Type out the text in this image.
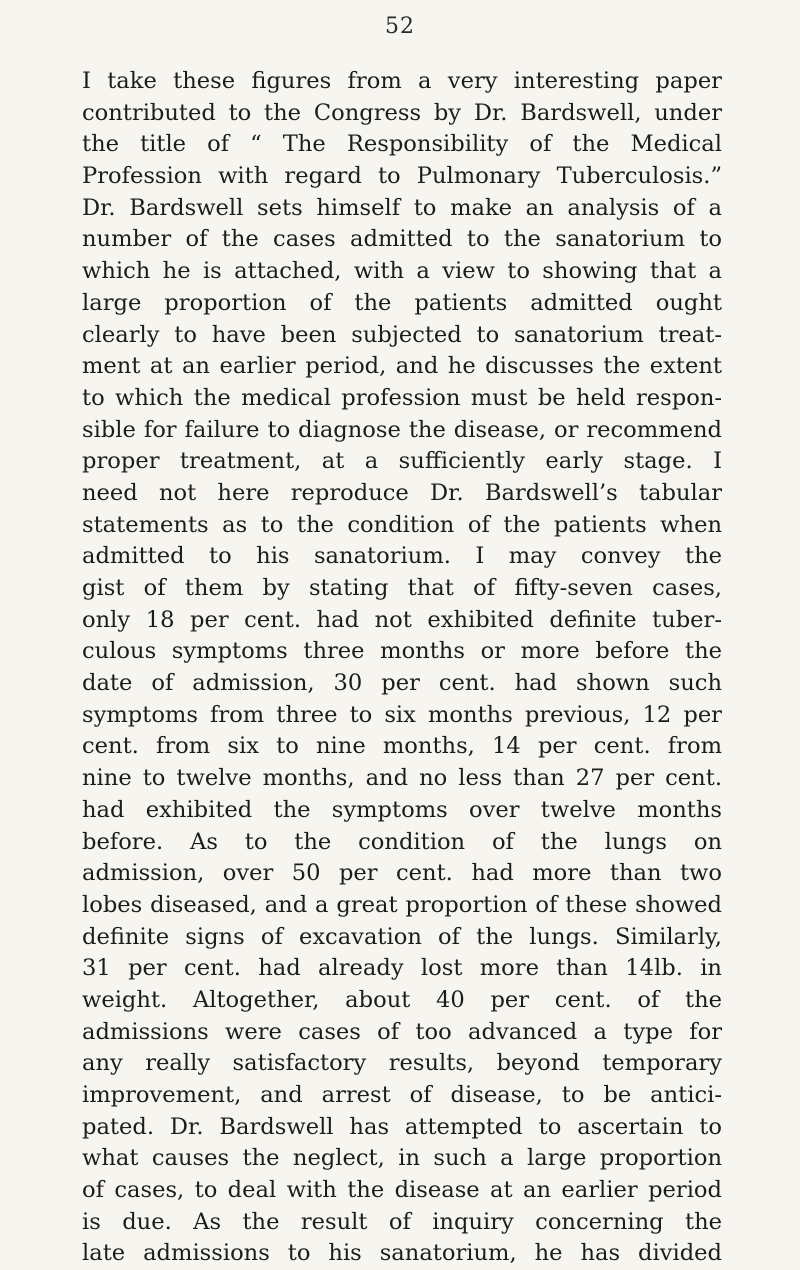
52
I take these figures from a very interesting paper
contributed to the Congress by Dr. Bardswell, under
the title of “ The Responsibility of the Medical
Profession with regard to Pulmonary Tuberculosis.”
Dr. Bardswell sets himself to make an analysis of a
number of the cases admitted to the sanatorium to
which he is attached, with a view to showing that a
large proportion of the patients admitted ought
clearly to have been subjected to sanatorium treat-
ment at an earlier period, and he discusses the extent
to which the medical profession must be held respon-
sible for failure to diagnose the disease, or recommend
proper treatment, at a sufficiently early stage. I
need not here reproduce Dr. Bardswell’s tabular
statements as to the condition of the patients when
admitted to his sanatorium. I may convey the
gist of them by stating that of fifty-seven cases,
only 18 per cent. had not exhibited definite tuber-
culous symptoms three months or more before the
date of admission, 30 per cent. had shown such
symptoms from three to six months previous, 12 per
cent. from six to nine months, 14 per cent. from
nine to twelve months, and no less than 27 per cent.
had exhibited the symptoms over twelve months
before. As to the condition of the lungs on
admission, over 50 per cent. had more than two
lobes diseased, and a great proportion of these showed
definite signs of excavation of the lungs. Similarly,
31 per cent. had already lost more than 14lb. in
weight. Altogether, about 40 per cent. of the
admissions were cases of too advanced a type for
any really satisfactory results, beyond temporary
improvement, and arrest of disease, to be antici-
pated. Dr. Bardswell has attempted to ascertain to
what causes the neglect, in such a large proportion
of cases, to deal with the disease at an earlier period
is due. As the result of inquiry concerning the
late admissions to his sanatorium, he has divided
